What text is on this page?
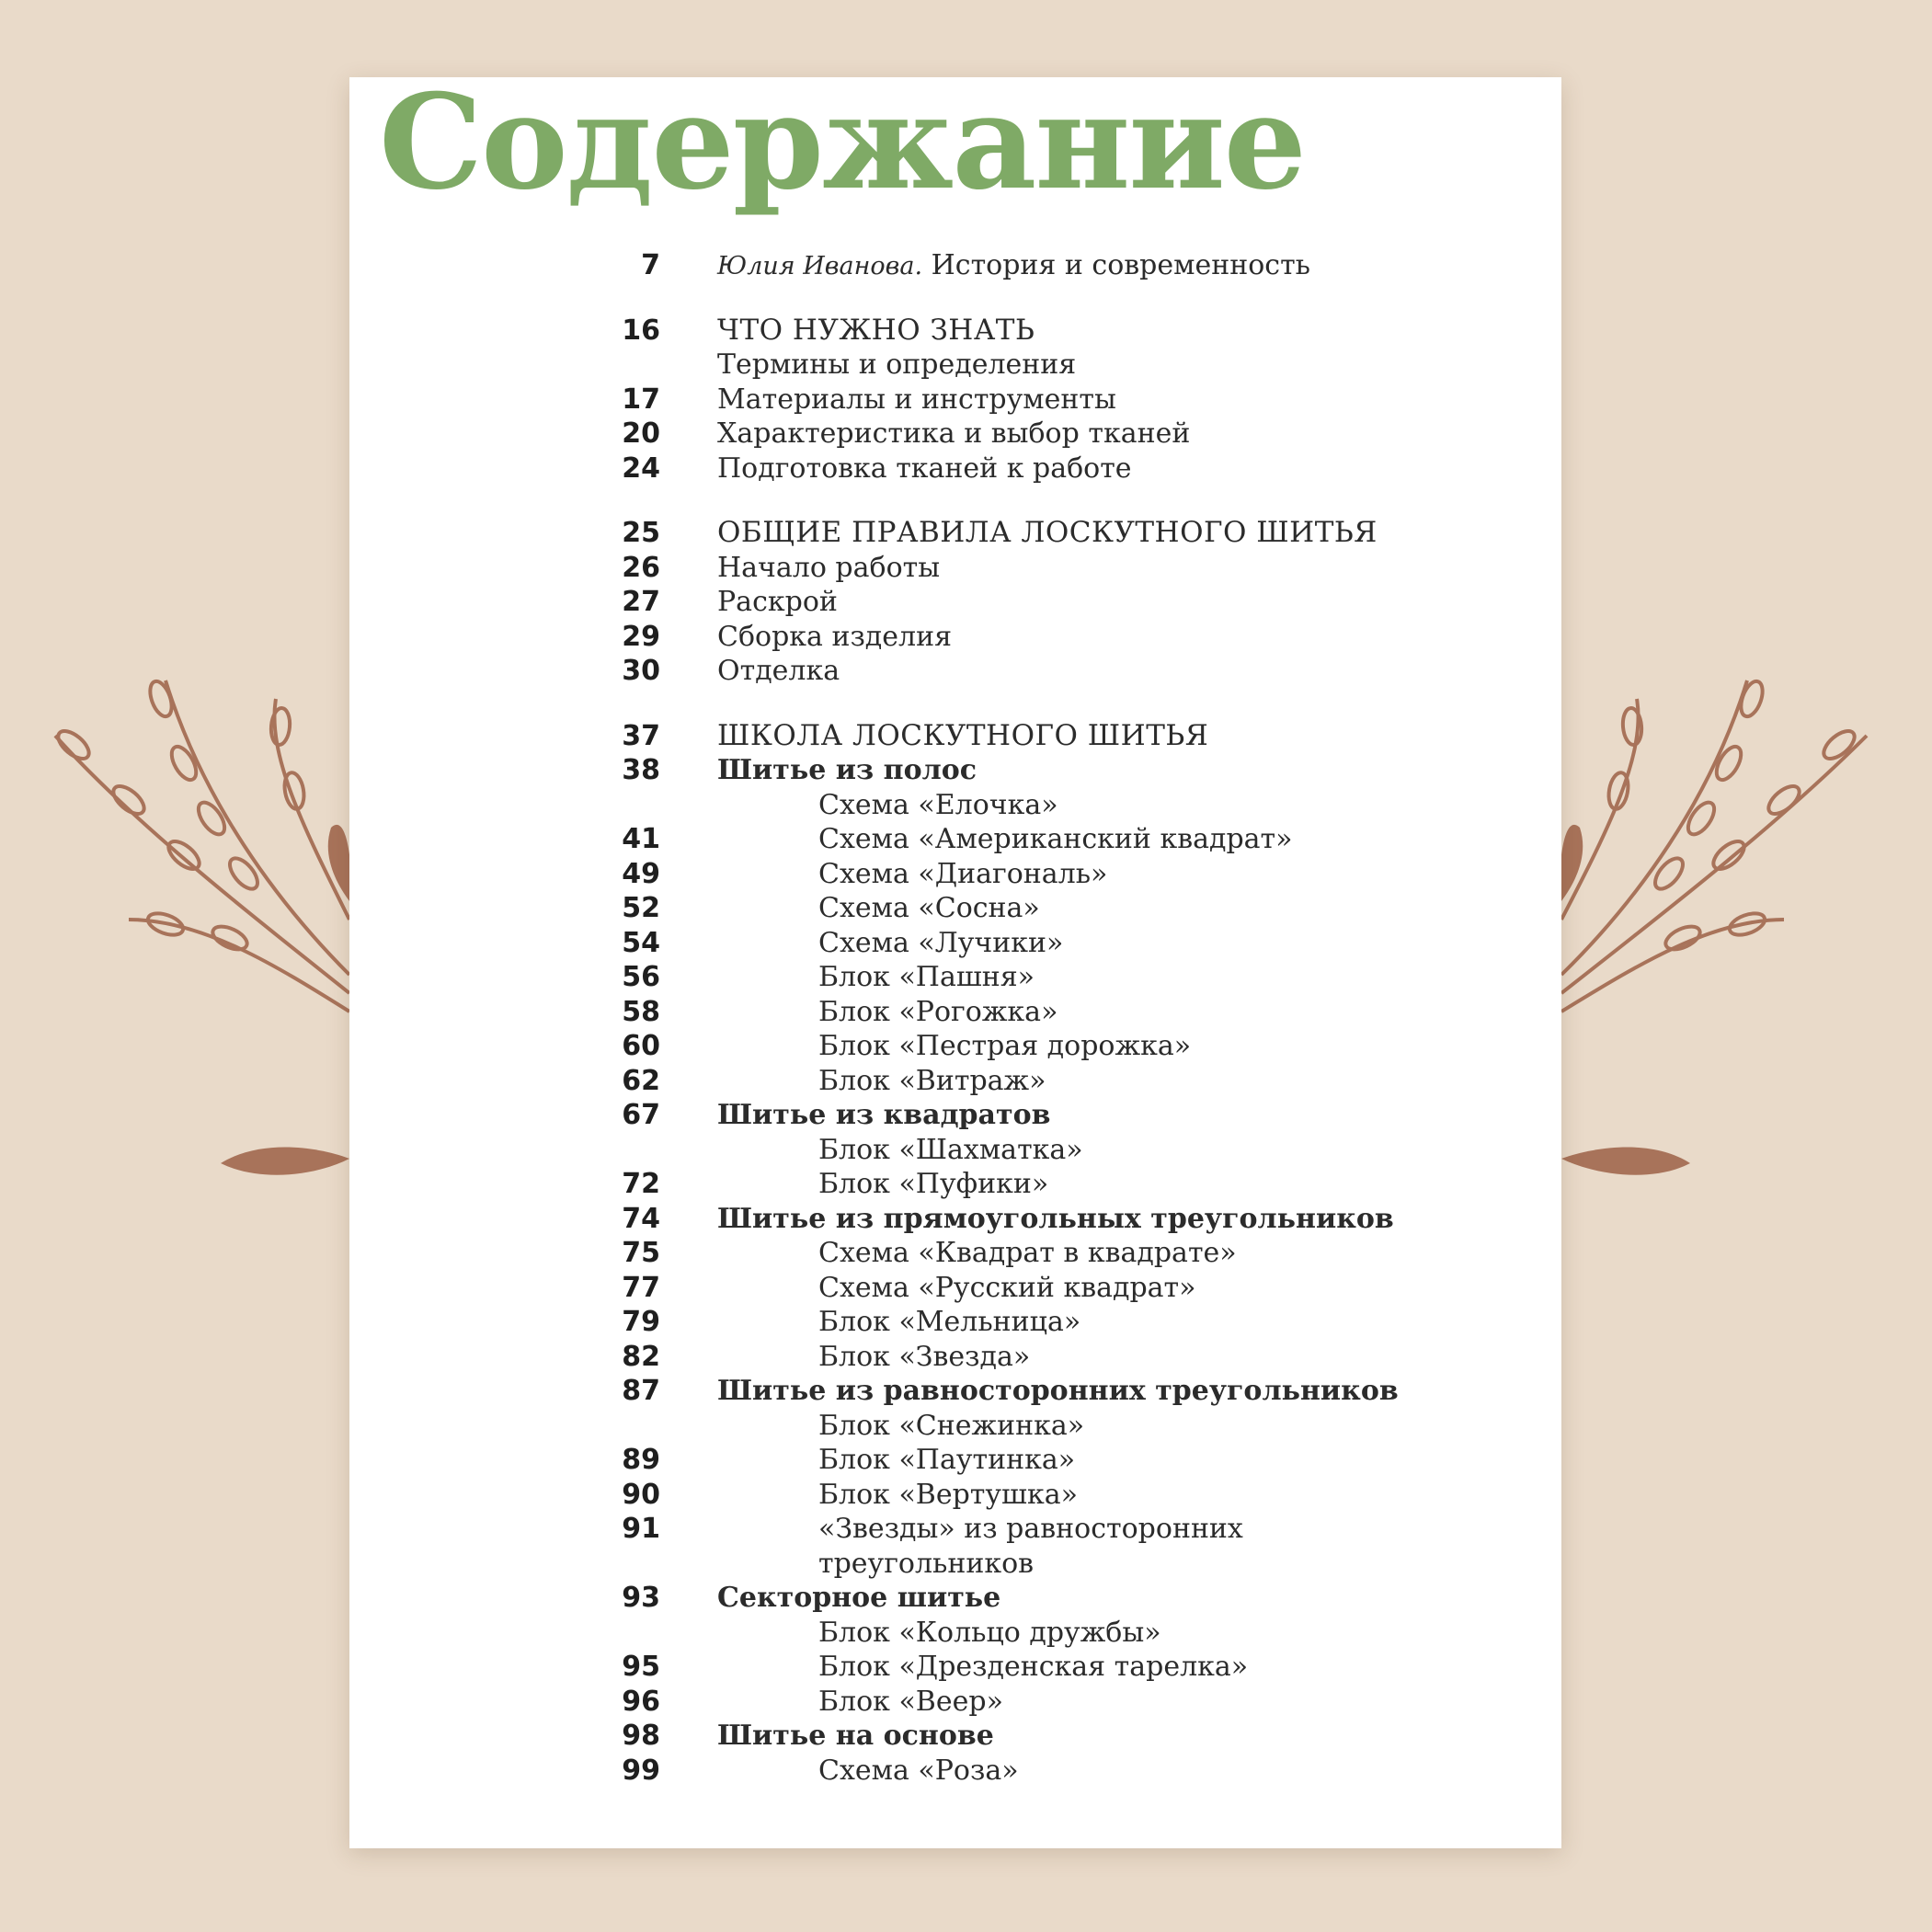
Содержание
7 Юлия Иванова. История и современность
16 ЧТО НУЖНО ЗНАТЬ
Термины и определения
17 Материалы и инструменты
20 Характеристика и выбор тканей
24 Подготовка тканей к работе
25 ОБЩИЕ ПРАВИЛА ЛОСКУТНОГО ШИТЬЯ
26 Начало работы
27 Раскрой
29 Сборка изделия
30 Отделка
37 ШКОЛА ЛОСКУТНОГО ШИТЬЯ
38 Шитье из полос
Схема «Елочка»
41	Схема «Американский квадрат»
49	Схема «Диагональ»
52	Схема «Сосна»
54	Схема «Лучики»
56	Блок «Пашня»
58	Блок «Рогожка»
60	Блок «Пестрая дорожка»
62	Блок «Витраж»
67 Шитье из квадратов
Блок «Шахматка»
72	Блок «Пуфики»
74 Шитье из прямоугольных треугольников
75	Схема «Квадрат в квадрате»
77	Схема «Русский квадрат»
79	Блок «Мельница»
82	Блок «Звезда»
87 Шитье из равносторонних треугольников
Блок «Снежинка»
89	Блок «Паутинка»
90	Блок «Вертушка»
91	«Звезды» из равносторонних треугольников
93 Секторное шитье
Блок «Кольцо дружбы»
95	Блок «Дрезденская тарелка»
96	Блок «Веер»
98 Шитье на основе
99	Схема «Роза»
